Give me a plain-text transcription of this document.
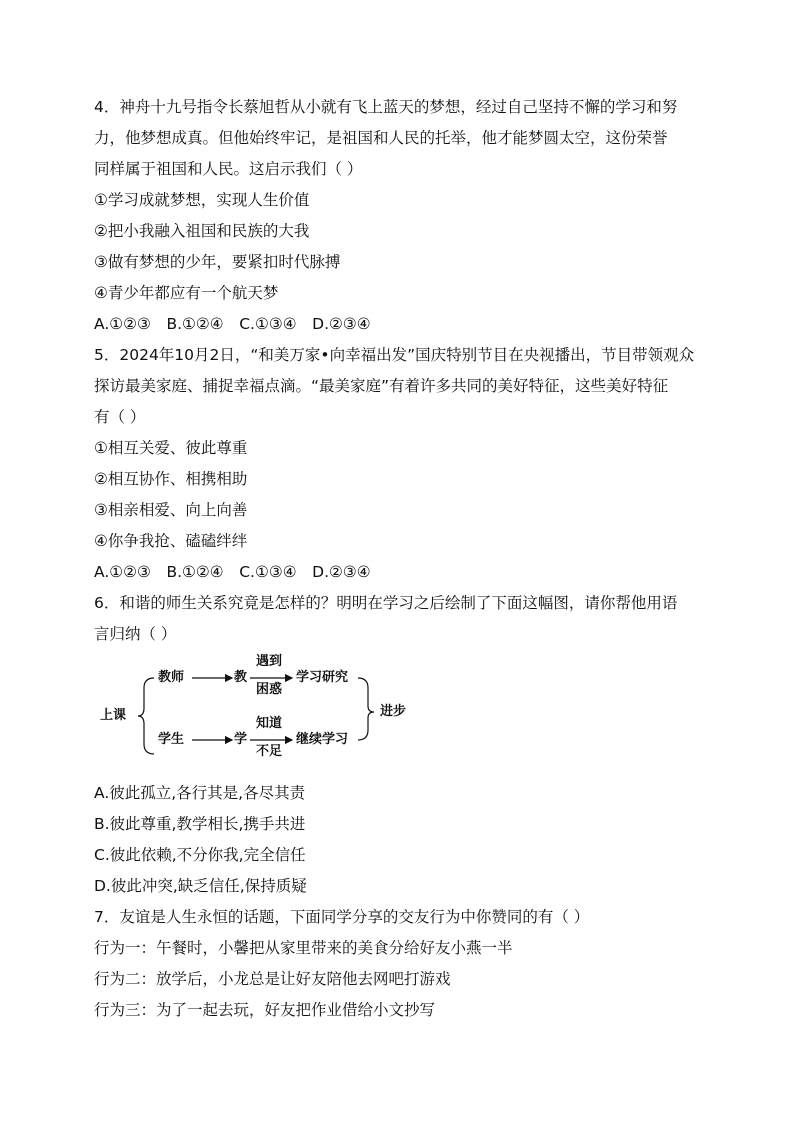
4．神舟十九号指令长蔡旭哲从小就有飞上蓝天的梦想，经过自己坚持不懈的学习和努
力，他梦想成真。但他始终牢记，是祖国和人民的托举，他才能梦圆太空，这份荣誉
同样属于祖国和人民。这启示我们（ ）
①学习成就梦想，实现人生价值
②把小我融入祖国和民族的大我
③做有梦想的少年，要紧扣时代脉搏
④青少年都应有一个航天梦
A.①②③　B.①②④　C.①③④　D.②③④
5．2024年10月2日，“和美万家•向幸福出发”国庆特别节目在央视播出，节目带领观众
探访最美家庭、捕捉幸福点滴。“最美家庭”有着许多共同的美好特征，这些美好特征
有（ ）
①相互关爱、彼此尊重
②相互协作、相携相助
③相亲相爱、向上向善
④你争我抢、磕磕绊绊
A.①②③　B.①②④　C.①③④　D.②③④
6．和谐的师生关系究竟是怎样的？明明在学习之后绘制了下面这幅图，请你帮他用语
言归纳（ ）
上课
教师	教
遇到
困惑
学习研究
学生	学
知道
不足
继续学习
进步
A.彼此孤立,各行其是,各尽其责
B.彼此尊重,教学相长,携手共进
C.彼此依赖,不分你我,完全信任
D.彼此冲突,缺乏信任,保持质疑
7．友谊是人生永恒的话题，下面同学分享的交友行为中你赞同的有（ ）
行为一：午餐时，小馨把从家里带来的美食分给好友小燕一半
行为二：放学后，小龙总是让好友陪他去网吧打游戏
行为三：为了一起去玩，好友把作业借给小文抄写
